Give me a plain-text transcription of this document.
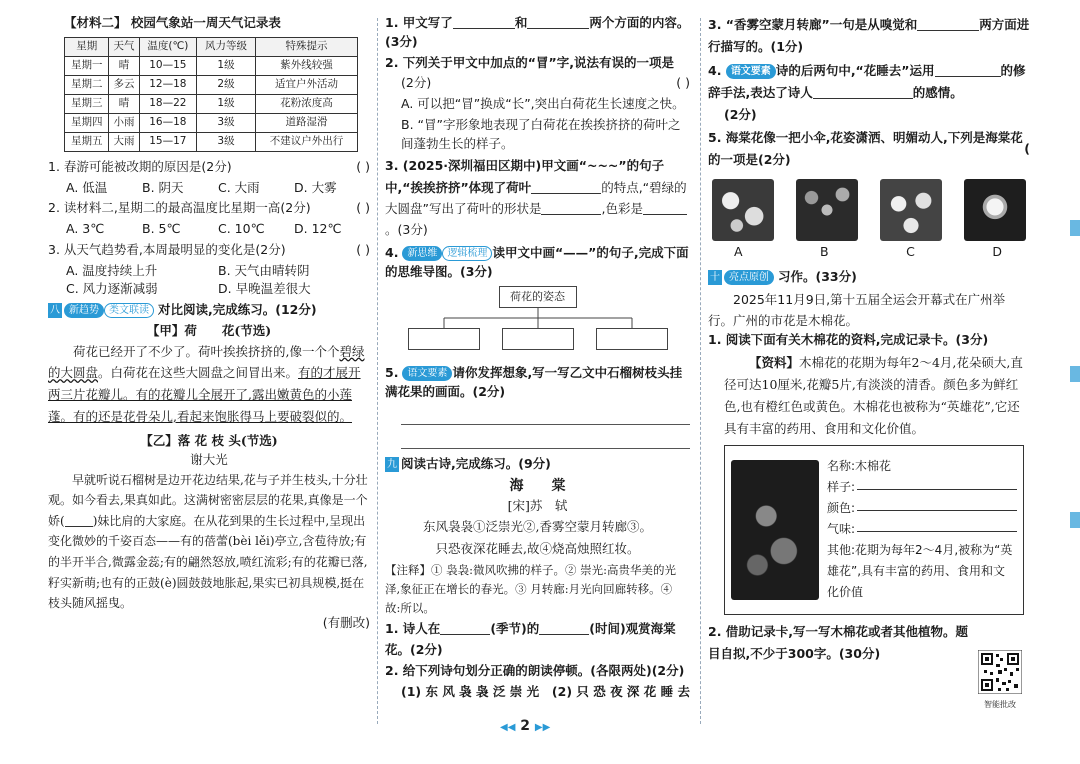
【材料二】 校园气象站一周天气记录表
星期	天气	温度(℃)	风力等级	特殊提示
星期一	晴	10—15	1级	紫外线较强
星期二	多云	12—18	2级	适宜户外活动
星期三	晴	18—22	1级	花粉浓度高
星期四	小雨	16—18	3级	道路湿滑
星期五	大雨	15—17	3级	不建议户外出行
1. 春游可能被改期的原因是(2分)	( )
A. 低温	B. 阴天	C. 大雨	D. 大雾
2. 读材料二,星期二的最高温度比星期一高(2分)	( )
A. 3℃	B. 5℃	C. 10℃	D. 12℃
3. 从天气趋势看,本周最明显的变化是(2分)	( )
A. 温度持续上升	B. 天气由晴转阴
C. 风力逐渐减弱	D. 早晚温差很大
八 新趋势 类文联读 对比阅读,完成练习。(12分)
【甲】荷　　花(节选)
荷花已经开了不少了。荷叶挨挨挤挤的,像一个个碧绿的大圆盘。白荷花在这些大圆盘之间冒出来。有的才展开两三片花瓣儿。有的花瓣儿全展开了,露出嫩黄色的小莲蓬。有的还是花骨朵儿,看起来饱胀得马上要破裂似的。
【乙】落 花 枝 头(节选)
谢大光
早就听说石榴树是边开花边结果,花与子并生枝头,十分壮观。如今看去,果真如此。这满树密密层层的花果,真像是一个娇( )妹比肩的大家庭。在从花到果的生长过程中,呈现出变化微妙的千姿百态——有的蓓蕾(bèi lěi)亭立,含苞待放;有的半开半合,微露金蕊;有的翩然怒放,喷红流彩;有的花瓣已落,籽实新萌;也有的正鼓(è)圆鼓鼓地胀起,果实已初具规模,挺在枝头随风摇曳。
(有删改)
1. 甲文写了	和	两个方面的内容。(3分)
2. 下列关于甲文中加点的“冒”字,说法有误的一项是
(2分)	( )
A. 可以把“冒”换成“长”,突出白荷花生长速度之快。
B. “冒”字形象地表现了白荷花在挨挨挤挤的荷叶之间蓬勃生长的样子。
3. (2025·深圳福田区期中)甲文画“~~~”的句子中,“挨挨挤挤”体现了荷叶	的特点,“碧绿的大圆盘”写出了荷叶的形状是	,色彩是。(3分)
4. 新思维 逻辑梳理 读甲文中画“——”的句子,完成下面的思维导图。(3分)
荷花的姿态
5. 语文要素 请你发挥想象,写一写乙文中石榴树枝头挂满花果的画面。(2分)
九 阅读古诗,完成练习。(9分)
海　　棠
[宋]苏　轼
东风袅袅①泛崇光②,香雾空蒙月转廊③。
只恐夜深花睡去,故④烧高烛照红妆。
【注释】① 袅袅:微风吹拂的样子。② 崇光:高贵华美的光泽,象征正在增长的春光。③ 月转廊:月光向回廊转移。④ 故:所以。
1. 诗人在	(季节)的	(时间)观赏海棠花。(2分)
2. 给下列诗句划分正确的朗读停顿。(各限两处)(2分)
(1) 东 风 袅 袅 泛 崇 光 (2) 只 恐 夜 深 花 睡 去
3. “香雾空蒙月转廊”一句是从嗅觉和	两方面进行描写的。(1分)
4. 语文要素 诗的后两句中,“花睡去”运用	的修辞手法,表达了诗人	的感情。
(2分)
5. 海棠花像一把小伞,花姿潇洒、明媚动人,下列是海棠花的一项是(2分)
(
A	B	C	D
十 亮点原创 习作。(33分)
2025年11月9日,第十五届全运会开幕式在广州举行。广州的市花是木棉花。
1. 阅读下面有关木棉花的资料,完成记录卡。(3分)
【资料】木棉花的花期为每年2～4月,花朵硕大,直径可达10厘米,花瓣5片,有淡淡的清香。颜色多为鲜红色,也有橙红色或黄色。木棉花也被称为“英雄花”,它还具有丰富的药用、食用和文化价值。
名称:木棉花
样子:
颜色:
气味:
其他:花期为每年2～4月,被称为“英雄花”,具有丰富的药用、食用和文化价值
2. 借助记录卡,写一写木棉花或者其他植物。题目自拟,不少于300字。(30分)
智能批改
◀◀ 2 ▶▶
